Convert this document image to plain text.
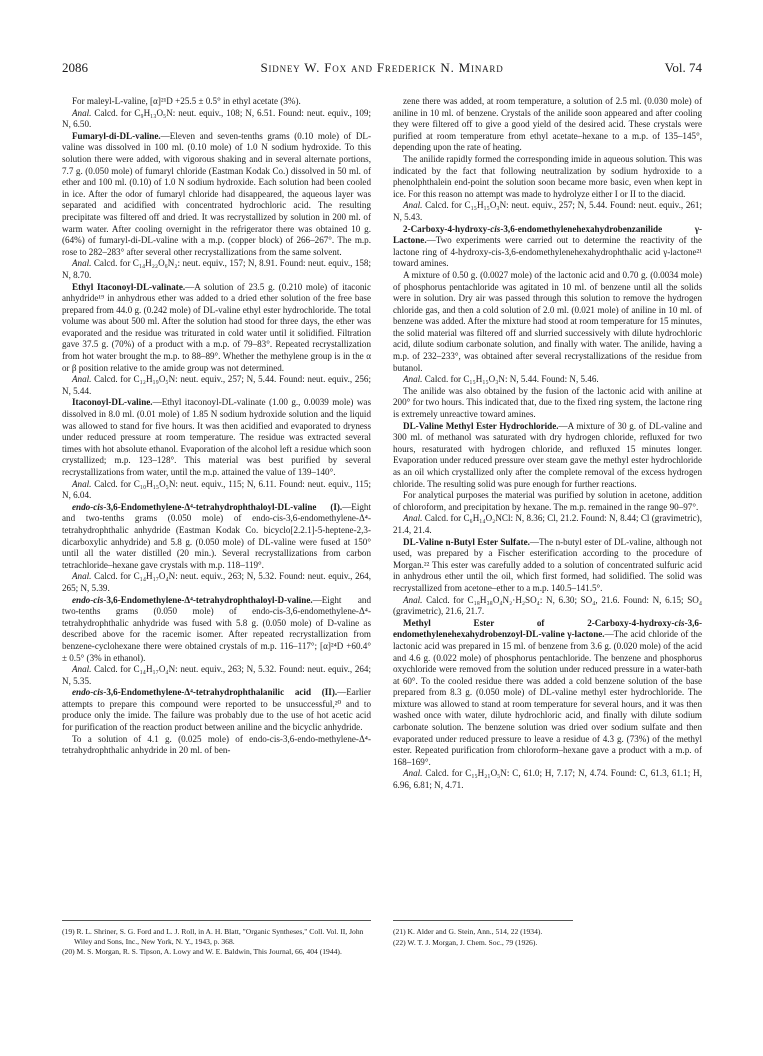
2086	Sidney W. Fox and Frederick N. Minard	Vol. 74

For maleyl-L-valine, [α]²¹D +25.5 ± 0.5° in ethyl acetate (3%).

Anal. Calcd. for C₉H₁₃O₅N: neut. equiv., 108; N, 6.51. Found: neut. equiv., 109; N, 6.50.

Fumaryl-di-DL-valine.—Eleven and seven-tenths grams (0.10 mole) of DL-valine was dissolved in 100 ml. (0.10 mole) of 1.0 N sodium hydroxide. To this solution there were added, with vigorous shaking and in several alternate portions, 7.7 g. (0.050 mole) of fumaryl chloride (Eastman Kodak Co.) dissolved in 50 ml. of ether and 100 ml. (0.10) of 1.0 N sodium hydroxide. Each solution had been cooled in ice. After the odor of fumaryl chloride had disappeared, the aqueous layer was separated and acidified with concentrated hydrochloric acid. The resulting precipitate was filtered off and dried. It was recrystallized by solution in 200 ml. of warm water. After cooling overnight in the refrigerator there was obtained 10 g. (64%) of fumaryl-di-DL-valine with a m.p. (copper block) of 266–267°. The m.p. rose to 282–283° after several other recrystallizations from the same solvent.

Anal. Calcd. for C₁₄H₂₂O₆N₂: neut. equiv., 157; N, 8.91. Found: neut. equiv., 158; N, 8.70.

Ethyl Itaconoyl-DL-valinate.—A solution of 23.5 g. (0.210 mole) of itaconic anhydride¹⁹ in anhydrous ether was added to a dried ether solution of the free base prepared from 44.0 g. (0.242 mole) of DL-valine ethyl ester hydrochloride. The total volume was about 500 ml. After the solution had stood for three days, the ether was evaporated and the residue was triturated in cold water until it solidified. Filtration gave 37.5 g. (70%) of a product with a m.p. of 79–83°. Repeated recrystallization from hot water brought the m.p. to 88–89°. Whether the methylene group is in the α or β position relative to the amide group was not determined.

Anal. Calcd. for C₁₂H₁₉O₅N: neut. equiv., 257; N, 5.44. Found: neut. equiv., 256; N, 5.44.

Itaconoyl-DL-valine.—Ethyl itaconoyl-DL-valinate (1.00 g., 0.0039 mole) was dissolved in 8.0 ml. (0.01 mole) of 1.85 N sodium hydroxide solution and the liquid was allowed to stand for five hours. It was then acidified and evaporated to dryness under reduced pressure at room temperature. The residue was extracted several times with hot absolute ethanol. Evaporation of the alcohol left a residue which soon crystallized; m.p. 123–128°. This material was best purified by several recrystallizations from water, until the m.p. attained the value of 139–140°.

Anal. Calcd. for C₁₀H₁₅O₅N: neut. equiv., 115; N, 6.11. Found: neut. equiv., 115; N, 6.04.

endo-cis-3,6-Endomethylene-Δ⁴-tetrahydrophthaloyl-DL-valine (I).—Eight and two-tenths grams (0.050 mole) of endo-cis-3,6-endomethylene-Δ⁴-tetrahydrophthalic anhydride (Eastman Kodak Co. bicyclo[2.2.1]-5-heptene-2,3-dicarboxylic anhydride) and 5.8 g. (0.050 mole) of DL-valine were fused at 150° until all the water distilled (20 min.). Several recrystallizations from carbon tetrachloride–hexane gave crystals with m.p. 118–119°.

Anal. Calcd. for C₁₄H₁₇O₄N: neut. equiv., 263; N, 5.32. Found: neut. equiv., 264, 265; N, 5.39.

endo-cis-3,6-Endomethylene-Δ⁴-tetrahydrophthaloyl-D-valine.—Eight and two-tenths grams (0.050 mole) of endo-cis-3,6-endomethylene-Δ⁴-tetrahydrophthalic anhydride was fused with 5.8 g. (0.050 mole) of D-valine as described above for the racemic isomer. After repeated recrystallization from benzene-cyclohexane there were obtained crystals of m.p. 116–117°; [α]²⁴D +60.4° ± 0.5° (3% in ethanol).

Anal. Calcd. for C₁₄H₁₇O₄N: neut. equiv., 263; N, 5.32. Found: neut. equiv., 264; N, 5.35.

endo-cis-3,6-Endomethylene-Δ⁴-tetrahydrophthalanilic acid (II).—Earlier attempts to prepare this compound were reported to be unsuccessful,²⁰ and to produce only the imide. The failure was probably due to the use of hot acetic acid for purification of the reaction product between aniline and the bicyclic anhydride.

To a solution of 4.1 g. (0.025 mole) of endo-cis-3,6-endo-methylene-Δ⁴-tetrahydrophthalic anhydride in 20 ml. of ben-

zene there was added, at room temperature, a solution of 2.5 ml. (0.030 mole) of aniline in 10 ml. of benzene. Crystals of the anilide soon appeared and after cooling they were filtered off to give a good yield of the desired acid. These crystals were purified at room temperature from ethyl acetate–hexane to a m.p. of 135–145°, depending upon the rate of heating.

The anilide rapidly formed the corresponding imide in aqueous solution. This was indicated by the fact that following neutralization by sodium hydroxide to a phenolphthalein end-point the solution soon became more basic, even when kept in ice. For this reason no attempt was made to hydrolyze either I or II to the diacid.

Anal. Calcd. for C₁₅H₁₅O₃N: neut. equiv., 257; N, 5.44. Found: neut. equiv., 261; N, 5.43.

2-Carboxy-4-hydroxy-cis-3,6-endomethylenehexahydrobenzanilide γ-Lactone.—Two experiments were carried out to determine the reactivity of the lactone ring of 4-hydroxy-cis-3,6-endomethylenehexahydrophthalic acid γ-lactone²¹ toward amines.

A mixture of 0.50 g. (0.0027 mole) of the lactonic acid and 0.70 g. (0.0034 mole) of phosphorus pentachloride was agitated in 10 ml. of benzene until all the solids were in solution. Dry air was passed through this solution to remove the hydrogen chloride gas, and then a cold solution of 2.0 ml. (0.021 mole) of aniline in 10 ml. of benzene was added. After the mixture had stood at room temperature for 15 minutes, the solid material was filtered off and slurried successively with dilute hydrochloric acid, dilute sodium carbonate solution, and finally with water. The anilide, having a m.p. of 232–233°, was obtained after several recrystallizations of the residue from butanol.

Anal. Calcd. for C₁₅H₁₅O₃N: N, 5.44. Found: N, 5.46.

The anilide was also obtained by the fusion of the lactonic acid with aniline at 200° for two hours. This indicated that, due to the fixed ring system, the lactone ring is extremely unreactive toward amines.

DL-Valine Methyl Ester Hydrochloride.—A mixture of 30 g. of DL-valine and 300 ml. of methanol was saturated with dry hydrogen chloride, refluxed for two hours, resaturated with hydrogen chloride, and refluxed 15 minutes longer. Evaporation under reduced pressure over steam gave the methyl ester hydrochloride as an oil which crystallized only after the complete removal of the excess hydrogen chloride. The resulting solid was pure enough for further reactions.

For analytical purposes the material was purified by solution in acetone, addition of chloroform, and precipitation by hexane. The m.p. remained in the range 90–97°.

Anal. Calcd. for C₆H₁₄O₂NCl: N, 8.36; Cl, 21.2. Found: N, 8.44; Cl (gravimetric), 21.4, 21.4.

DL-Valine n-Butyl Ester Sulfate.—The n-butyl ester of DL-valine, although not used, was prepared by a Fischer esterification according to the procedure of Morgan.²² This ester was carefully added to a solution of concentrated sulfuric acid in anhydrous ether until the oil, which first formed, had solidified. The solid was recrystallized from acetone–ether to a m.p. 140.5–141.5°.

Anal. Calcd. for C₁₈H₃₈O₄N₂·H₂SO₄: N, 6.30; SO₄, 21.6. Found: N, 6.15; SO₄ (gravimetric), 21.6, 21.7.

Methyl Ester of 2-Carboxy-4-hydroxy-cis-3,6-endomethylenehexahydrobenzoyl-DL-valine γ-lactone.—The acid chloride of the lactonic acid was prepared in 15 ml. of benzene from 3.6 g. (0.020 mole) of the acid and 4.6 g. (0.022 mole) of phosphorus pentachloride. The benzene and phosphorus oxychloride were removed from the solution under reduced pressure in a water-bath at 60°. To the cooled residue there was added a cold benzene solution of the base prepared from 8.3 g. (0.050 mole) of DL-valine methyl ester hydrochloride. The mixture was allowed to stand at room temperature for several hours, and it was then washed once with water, dilute hydrochloric acid, and finally with dilute sodium carbonate solution. The benzene solution was dried over sodium sulfate and then evaporated under reduced pressure to leave a residue of 4.3 g. (73%) of the methyl ester. Repeated purification from chloroform–hexane gave a product with a m.p. of 168–169°.

Anal. Calcd. for C₁₅H₂₁O₅N: C, 61.0; H, 7.17; N, 4.74. Found: C, 61.3, 61.1; H, 6.96, 6.81; N, 4.71.

(19) R. L. Shriner, S. G. Ford and L. J. Roll, in A. H. Blatt, "Organic Syntheses," Coll. Vol. II, John Wiley and Sons, Inc., New York, N. Y., 1943, p. 368.

(20) M. S. Morgan, R. S. Tipson, A. Lowy and W. E. Baldwin, This Journal, 66, 404 (1944).

(21) K. Alder and G. Stein, Ann., 514, 22 (1934).

(22) W. T. J. Morgan, J. Chem. Soc., 79 (1926).
